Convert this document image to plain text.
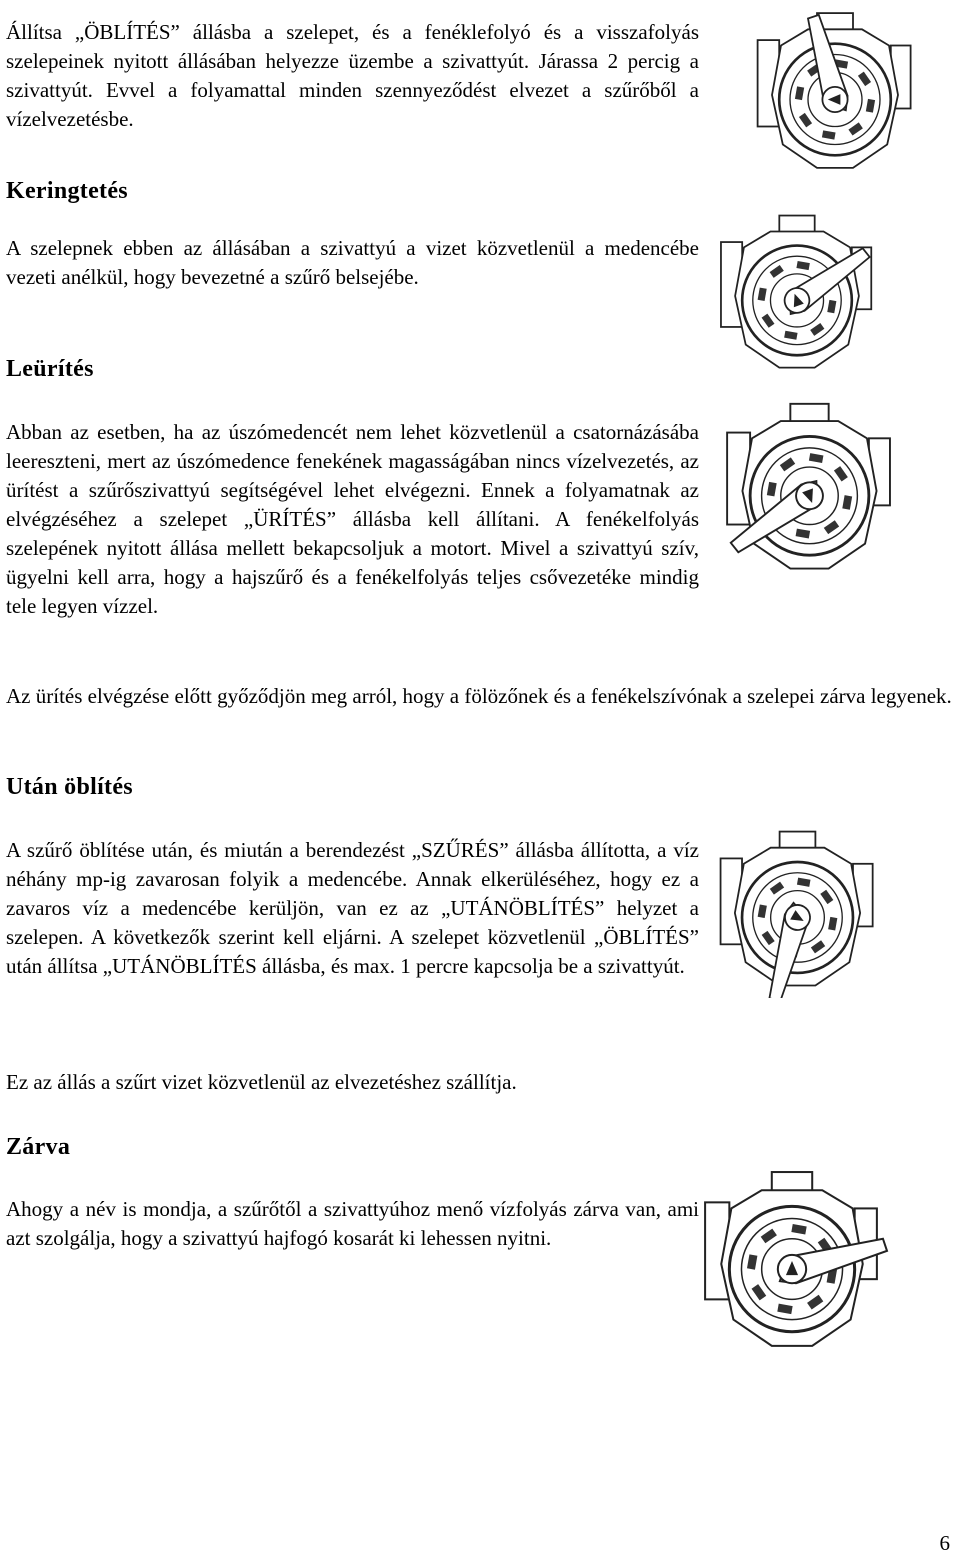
Állítsa „ÖBLÍTÉS” állásba a szelepet, és a fenéklefolyó és a visszafolyás szelepeinek nyitott állásában helyezze üzembe a szivattyút. Járassa 2 percig a szivattyút. Evvel a folyamattal minden szennyeződést elvezet a szűrőből a vízelvezetésbe.

Keringtetés

A szelepnek ebben az állásában a szivattyú a vizet közvetlenül a medencébe vezeti anélkül, hogy bevezetné a szűrő belsejébe.

Leürítés

Abban az esetben, ha az úszómedencét nem lehet közvetlenül a csatornázásába leereszteni, mert az úszómedence fenekének magasságában nincs vízelvezetés, az ürítést a szűrőszivattyú segítségével lehet elvégezni. Ennek a folyamatnak az elvégzéséhez a szelepet „ÜRÍTÉS” állásba kell állítani. A fenékelfolyás szelepének nyitott állása mellett bekapcsoljuk a motort. Mivel a szivattyú szív, ügyelni kell arra, hogy a hajszűrő és a fenékelfolyás teljes csővezetéke mindig tele legyen vízzel.

Az ürítés elvégzése előtt győződjön meg arról, hogy a fölözőnek és a fenékelszívónak a szelepei zárva legyenek.

Után öblítés

A szűrő öblítése után, és miután a berendezést „SZŰRÉS” állásba állította, a víz néhány mp-ig zavarosan folyik a medencébe. Annak elkerüléséhez, hogy ez a zavaros víz a medencébe kerüljön, van ez az „UTÁNÖBLÍTÉS” helyzet a szelepen. A következők szerint kell eljárni. A szelepet közvetlenül „ÖBLÍTÉS” után állítsa „UTÁNÖBLÍTÉS állásba, és max. 1 percre kapcsolja be a szivattyút.

Ez az állás a szűrt vizet közvetlenül az elvezetéshez szállítja.

Zárva

Ahogy a név is mondja, a szűrőtől a szivattyúhoz menő vízfolyás zárva van, ami azt szolgálja, hogy a szivattyú hajfogó kosarát ki lehessen nyitni.

6
